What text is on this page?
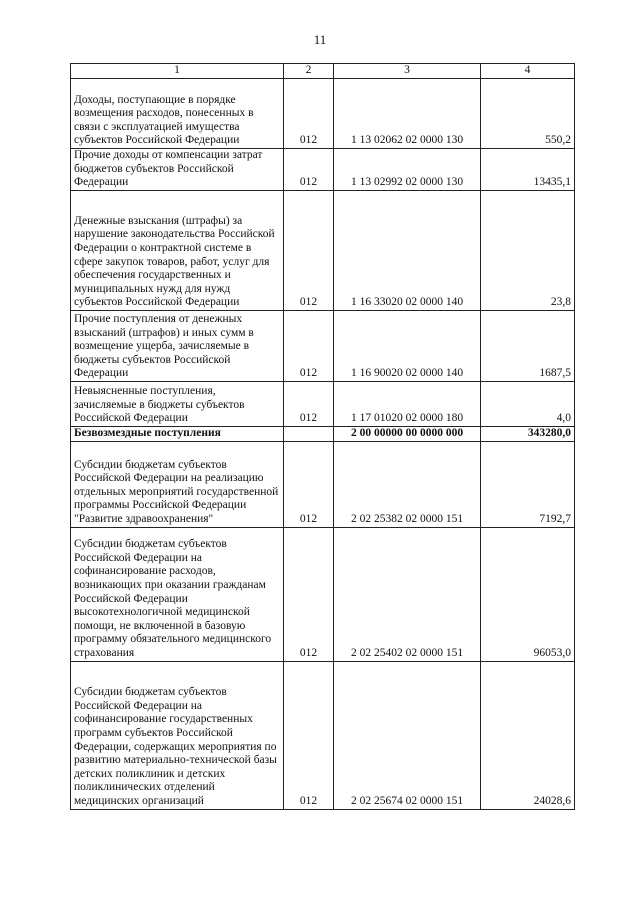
11
1	2	3	4
Доходы, поступающие в порядке возмещения расходов, понесенных в связи с эксплуатацией имущества субъектов Российской Федерации	012	1 13 02062 02 0000 130	550,2
Прочие доходы от компенсации затрат бюджетов субъектов Российской Федерации	012	1 13 02992 02 0000 130	13435,1
Денежные взыскания (штрафы) за нарушение законодательства Российской Федерации о контрактной системе в сфере закупок товаров, работ, услуг для обеспечения государственных и муниципальных нужд для нужд субъектов Российской Федерации	012	1 16 33020 02 0000 140	23,8
Прочие поступления от денежных взысканий (штрафов) и иных сумм в возмещение ущерба, зачисляемые в бюджеты субъектов Российской Федерации	012	1 16 90020 02 0000 140	1687,5
Невыясненные поступления, зачисляемые в бюджеты субъектов Российской Федерации	012	1 17 01020 02 0000 180	4,0
Безвозмездные поступления		2 00 00000 00 0000 000	343280,0
Субсидии бюджетам субъектов Российской Федерации на реализацию отдельных мероприятий государственной программы Российской Федерации "Развитие здравоохранения"	012	2 02 25382 02 0000 151	7192,7
Субсидии бюджетам субъектов Российской Федерации на софинансирование расходов, возникающих при оказании гражданам Российской Федерации высокотехнологичной медицинской помощи, не включенной в базовую программу обязательного медицинского страхования	012	2 02 25402 02 0000 151	96053,0
Субсидии бюджетам субъектов Российской Федерации на софинансирование государственных программ субъектов Российской Федерации, содержащих мероприятия по развитию материально-технической базы детских поликлиник и детских поликлинических отделений медицинских организаций	012	2 02 25674 02 0000 151	24028,6
